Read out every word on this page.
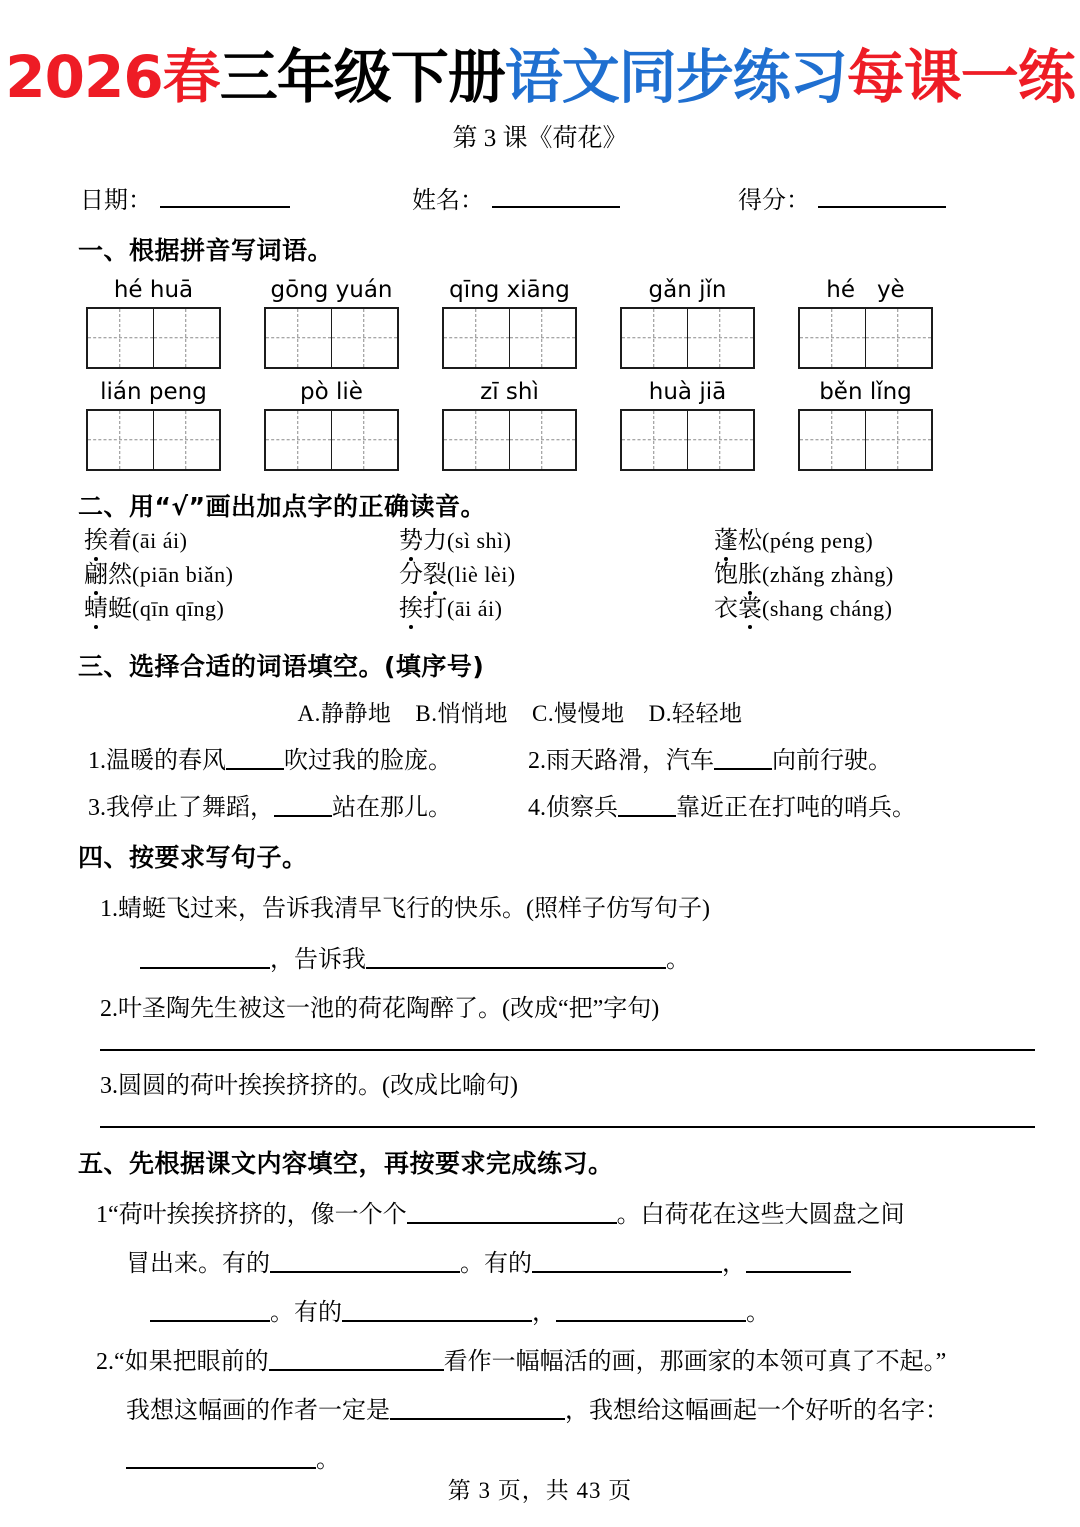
2026春三年级下册语文同步练习每课一练
第 3 课《荷花》
日期：	姓名：	得分：
一、根据拼音写词语。
hé huā	gōng yuán	qīng xiāng	gǎn jǐn	hé   yè
lián peng	pò liè	zī shì	huà jiā	běn lǐng
二、用“√”画出加点字的正确读音。
挨着(āi ái)	势力(sì shì)	蓬松(péng peng)
翩然(piān biǎn)	分裂(liè lèi)	饱胀(zhǎng zhàng)
蜻蜓(qīn qīng)	挨打(āi ái)	衣裳(shang cháng)
三、选择合适的词语填空。(填序号)
A.静静地 B.悄悄地 C.慢慢地 D.轻轻地
1.温暖的春风 吹过我的脸庞。	2.雨天路滑，汽车 向前行驶。
3.我停止了舞蹈， 站在那儿。	4.侦察兵 靠近正在打吨的哨兵。
四、按要求写句子。
1.蜻蜓飞过来，告诉我清早飞行的快乐。(照样子仿写句子)
，告诉我	。
2.叶圣陶先生被这一池的荷花陶醉了。(改成“把”字句)
3.圆圆的荷叶挨挨挤挤的。(改成比喻句)
五、先根据课文内容填空，再按要求完成练习。
1“荷叶挨挨挤挤的，像一个个	。白荷花在这些大圆盘之间
冒出来。有的	。有的	，
。有的	，	。
2.“如果把眼前的	看作一幅幅活的画，那画家的本领可真了不起。”
我想这幅画的作者一定是	，我想给这幅画起一个好听的名字：
。
第 3 页，共 43 页
